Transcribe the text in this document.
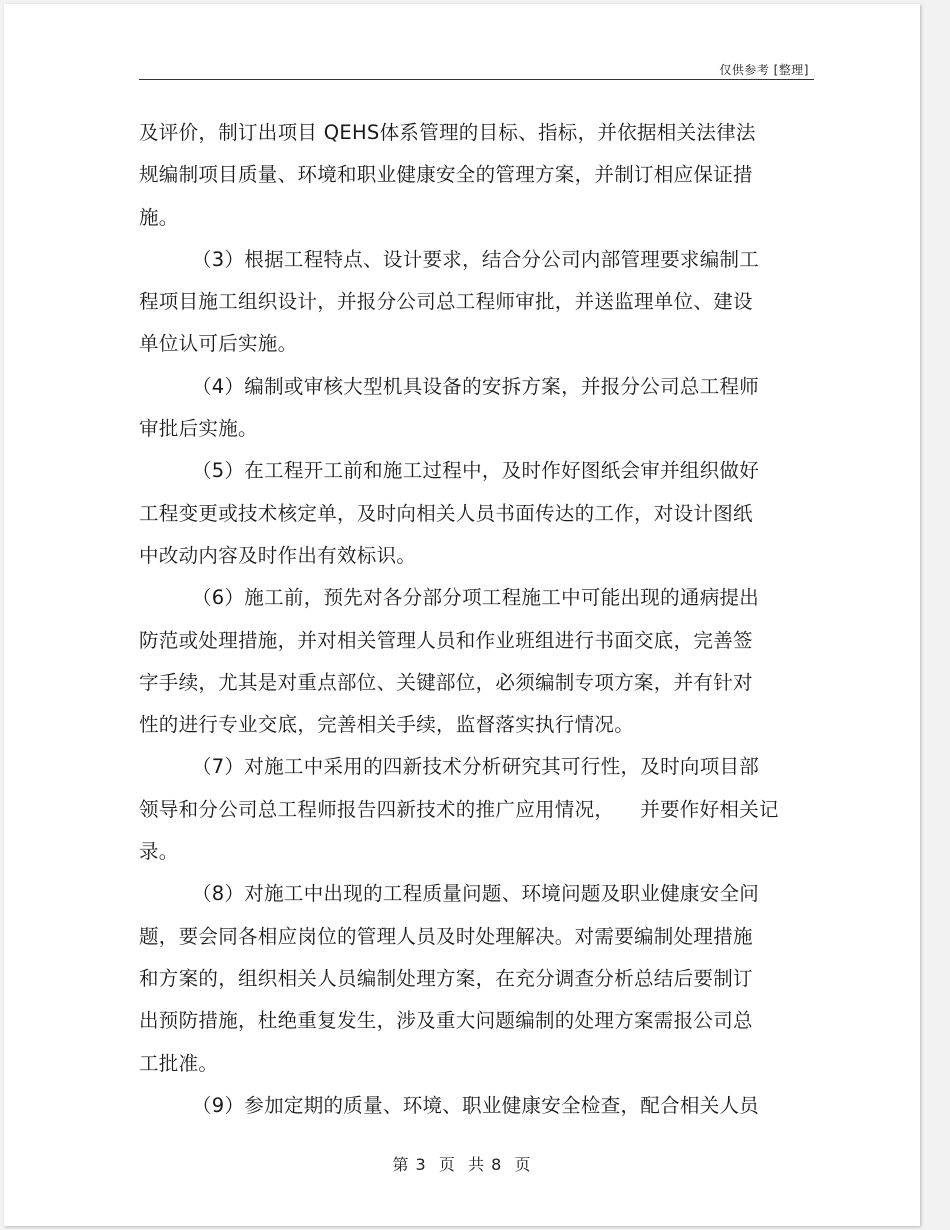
仅供参考 [整理]
及评价，制订出项目 QEHS体系管理的目标、指标，并依据相关法律法
规编制项目质量、环境和职业健康安全的管理方案，并制订相应保证措
施。
（3）根据工程特点、设计要求，结合分公司内部管理要求编制工
程项目施工组织设计，并报分公司总工程师审批，并送监理单位、建设
单位认可后实施。
（4）编制或审核大型机具设备的安拆方案，并报分公司总工程师
审批后实施。
（5）在工程开工前和施工过程中，及时作好图纸会审并组织做好
工程变更或技术核定单，及时向相关人员书面传达的工作，对设计图纸
中改动内容及时作出有效标识。
（6）施工前，预先对各分部分项工程施工中可能出现的通病提出
防范或处理措施，并对相关管理人员和作业班组进行书面交底，完善签
字手续，尤其是对重点部位、关键部位，必须编制专项方案，并有针对
性的进行专业交底，完善相关手续，监督落实执行情况。
（7）对施工中采用的四新技术分析研究其可行性，及时向项目部
领导和分公司总工程师报告四新技术的推广应用情况，    并要作好相关记
录。
（8）对施工中出现的工程质量问题、环境问题及职业健康安全问
题，要会同各相应岗位的管理人员及时处理解决。对需要编制处理措施
和方案的，组织相关人员编制处理方案，在充分调查分析总结后要制订
出预防措施，杜绝重复发生，涉及重大问题编制的处理方案需报公司总
工批准。
（9）参加定期的质量、环境、职业健康安全检查，配合相关人员
第 3  页  共 8  页
